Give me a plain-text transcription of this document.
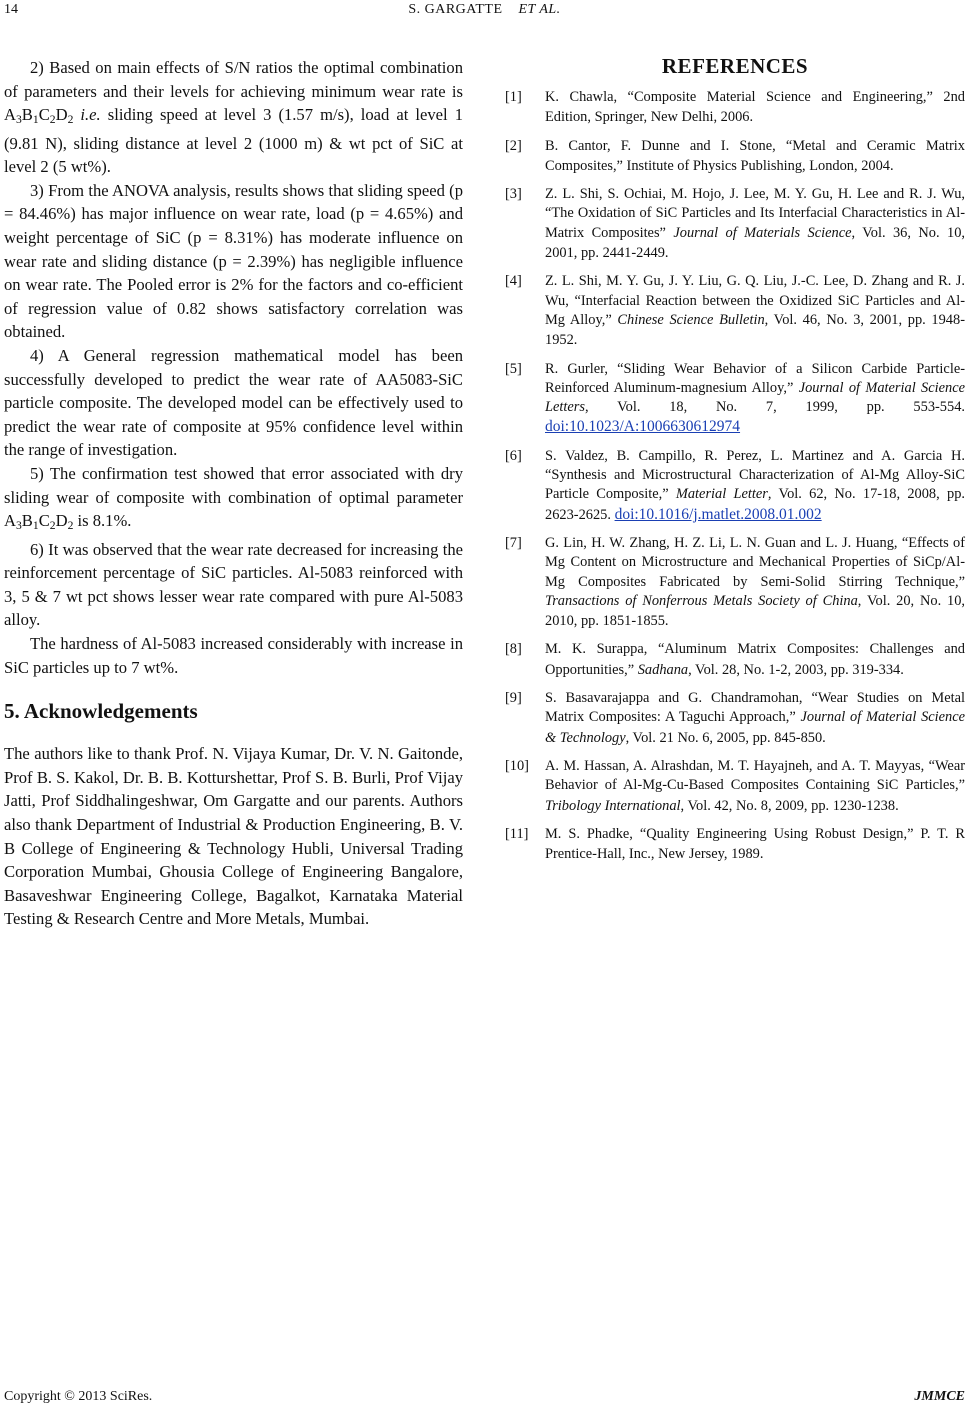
14	S. GARGATTE ET AL.

2) Based on main effects of S/N ratios the optimal combination of parameters and their levels for achieving minimum wear rate is $A_3B_1C_2D_2$ i.e. sliding speed at level 3 (1.57 m/s), load at level 1 (9.81 N), sliding distance at level 2 (1000 m) & wt pct of SiC at level 2 (5 wt%).

3) From the ANOVA analysis, results shows that sliding speed (p = 84.46%) has major influence on wear rate, load (p = 4.65%) and weight percentage of SiC (p = 8.31%) has moderate influence on wear rate and sliding distance (p = 2.39%) has negligible influence on wear rate. The Pooled error is 2% for the factors and co-efficient of regression value of 0.82 shows satisfactory correlation was obtained.

4) A General regression mathematical model has been successfully developed to predict the wear rate of AA5083-SiC particle composite. The developed model can be effectively used to predict the wear rate of composite at 95% confidence level within the range of investigation.

5) The confirmation test showed that error associated with dry sliding wear of composite with combination of optimal parameter $A_3B_1C_2D_2$ is 8.1%.

6) It was observed that the wear rate decreased for increasing the reinforcement percentage of SiC particles. Al-5083 reinforced with 3, 5 & 7 wt pct shows lesser wear rate compared with pure Al-5083 alloy.

The hardness of Al-5083 increased considerably with increase in SiC particles up to 7 wt%.

5. Acknowledgements

The authors like to thank Prof. N. Vijaya Kumar, Dr. V. N. Gaitonde, Prof B. S. Kakol, Dr. B. B. Kotturshettar, Prof S. B. Burli, Prof Vijay Jatti, Prof Siddhalingeshwar, Om Gargatte and our parents. Authors also thank Department of Industrial & Production Engineering, B. V. B College of Engineering & Technology Hubli, Universal Trading Corporation Mumbai, Ghousia College of Engineering Bangalore, Basaveshwar Engineering College, Bagalkot, Karnataka Material Testing & Research Centre and More Metals, Mumbai.

REFERENCES
[1] K. Chawla, “Composite Material Science and Engineering,” 2nd Edition, Springer, New Delhi, 2006.
[2] B. Cantor, F. Dunne and I. Stone, “Metal and Ceramic Matrix Composites,” Institute of Physics Publishing, London, 2004.
[3] Z. L. Shi, S. Ochiai, M. Hojo, J. Lee, M. Y. Gu, H. Lee and R. J. Wu, “The Oxidation of SiC Particles and Its Interfacial Characteristics in Al-Matrix Composites” Journal of Materials Science, Vol. 36, No. 10, 2001, pp. 2441-2449.
[4] Z. L. Shi, M. Y. Gu, J. Y. Liu, G. Q. Liu, J.-C. Lee, D. Zhang and R. J. Wu, “Interfacial Reaction between the Oxidized SiC Particles and Al-Mg Alloy,” Chinese Science Bulletin, Vol. 46, No. 3, 2001, pp. 1948-1952.
[5] R. Gurler, “Sliding Wear Behavior of a Silicon Carbide Particle-Reinforced Aluminum-magnesium Alloy,” Journal of Material Science Letters, Vol. 18, No. 7, 1999, pp. 553-554. doi:10.1023/A:1006630612974
[6] S. Valdez, B. Campillo, R. Perez, L. Martinez and A. Garcia H. “Synthesis and Microstructural Characterization of Al-Mg Alloy-SiC Particle Composite,” Material Letter, Vol. 62, No. 17-18, 2008, pp. 2623-2625. doi:10.1016/j.matlet.2008.01.002
[7] G. Lin, H. W. Zhang, H. Z. Li, L. N. Guan and L. J. Huang, “Effects of Mg Content on Microstructure and Mechanical Properties of SiCp/Al-Mg Composites Fabricated by Semi-Solid Stirring Technique,” Transactions of Nonferrous Metals Society of China, Vol. 20, No. 10, 2010, pp. 1851-1855.
[8] M. K. Surappa, “Aluminum Matrix Composites: Challenges and Opportunities,” Sadhana, Vol. 28, No. 1-2, 2003, pp. 319-334.
[9] S. Basavarajappa and G. Chandramohan, “Wear Studies on Metal Matrix Composites: A Taguchi Approach,” Journal of Material Science & Technology, Vol. 21 No. 6, 2005, pp. 845-850.
[10] A. M. Hassan, A. Alrashdan, M. T. Hayajneh, and A. T. Mayyas, “Wear Behavior of Al-Mg-Cu-Based Composites Containing SiC Particles,” Tribology International, Vol. 42, No. 8, 2009, pp. 1230-1238.
[11] M. S. Phadke, “Quality Engineering Using Robust Design,” P. T. R Prentice-Hall, Inc., New Jersey, 1989.
Copyright © 2013 SciRes.	JMMCE
